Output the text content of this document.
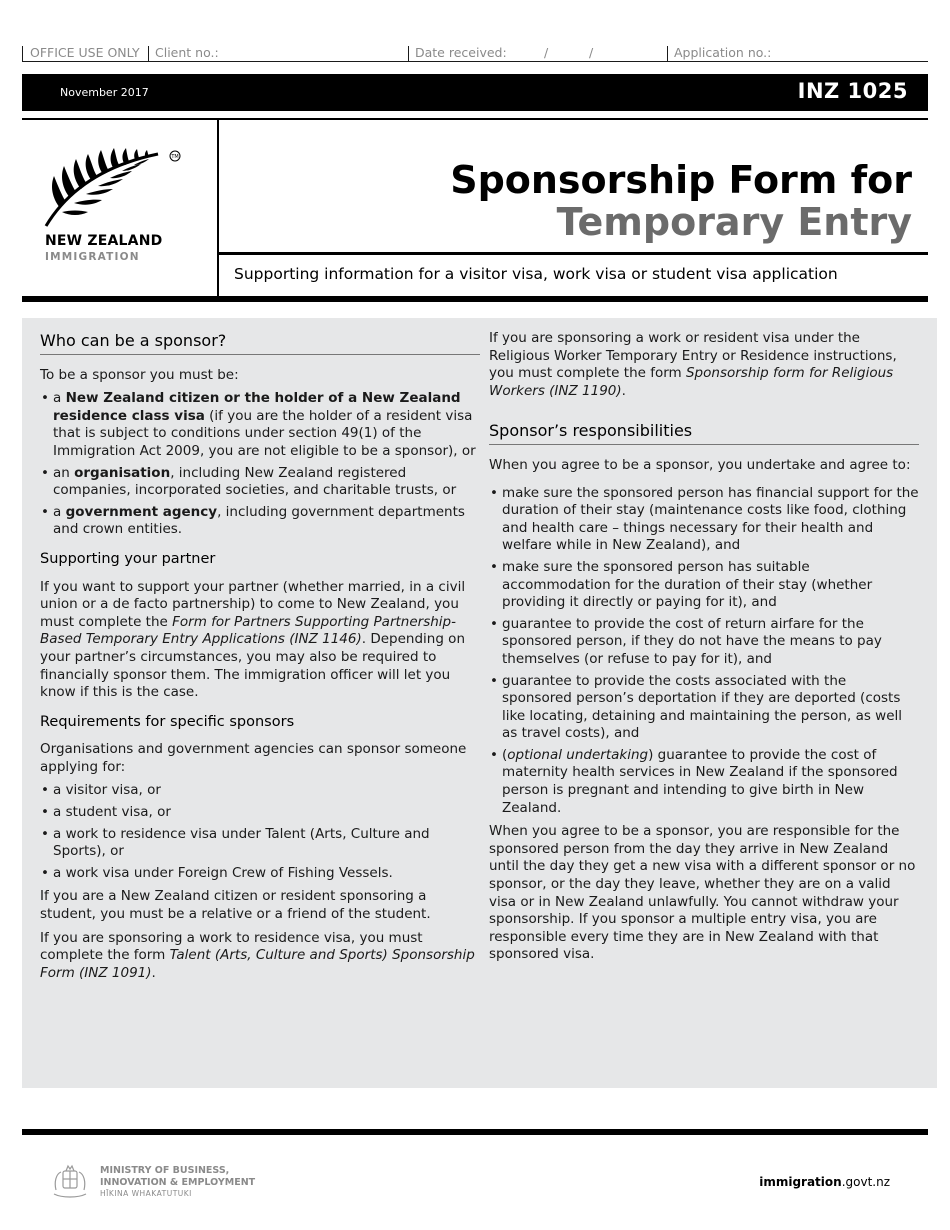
OFFICE USE ONLY Client no.:	Date received:	/	/	Application no.:
November 2017	INZ 1025
TM
NEW ZEALAND
IMMIGRATION
Sponsorship Form for
Temporary Entry
Supporting information for a visitor visa, work visa or student visa application
Who can be a sponsor?

To be a sponsor you must be:

• a New Zealand citizen or the holder of a New Zealand residence class visa (if you are the holder of a resident visa that is subject to conditions under section 49(1) of the Immigration Act 2009, you are not eligible to be a sponsor), or
• an organisation, including New Zealand registered companies, incorporated societies, and charitable trusts, or
• a government agency, including government departments and crown entities.
Supporting your partner

If you want to support your partner (whether married, in a civil union or a de facto partnership) to come to New Zealand, you must complete the Form for Partners Supporting Partnership-Based Temporary Entry Applications (INZ 1146). Depending on your partner’s circumstances, you may also be required to financially sponsor them. The immigration officer will let you know if this is the case.

Requirements for specific sponsors

Organisations and government agencies can sponsor someone applying for:

• a visitor visa, or
• a student visa, or
• a work to residence visa under Talent (Arts, Culture and Sports), or
• a work visa under Foreign Crew of Fishing Vessels.

If you are a New Zealand citizen or resident sponsoring a student, you must be a relative or a friend of the student.

If you are sponsoring a work to residence visa, you must complete the form Talent (Arts, Culture and Sports) Sponsorship Form (INZ 1091).

If you are sponsoring a work or resident visa under the Religious Worker Temporary Entry or Residence instructions, you must complete the form Sponsorship form for Religious Workers (INZ 1190).

Sponsor’s responsibilities

When you agree to be a sponsor, you undertake and agree to:

• make sure the sponsored person has financial support for the duration of their stay (maintenance costs like food, clothing and health care – things necessary for their health and welfare while in New Zealand), and
• make sure the sponsored person has suitable accommodation for the duration of their stay (whether providing it directly or paying for it), and
• guarantee to provide the cost of return airfare for the sponsored person, if they do not have the means to pay themselves (or refuse to pay for it), and
• guarantee to provide the costs associated with the sponsored person’s deportation if they are deported (costs like locating, detaining and maintaining the person, as well as travel costs), and
• (optional undertaking) guarantee to provide the cost of maternity health services in New Zealand if the sponsored person is pregnant and intending to give birth in New Zealand.

When you agree to be a sponsor, you are responsible for the sponsored person from the day they arrive in New Zealand until the day they get a new visa with a different sponsor or no sponsor, or the day they leave, whether they are on a valid visa or in New Zealand unlawfully. You cannot withdraw your sponsorship. If you sponsor a multiple entry visa, you are responsible every time they are in New Zealand with that sponsored visa.

MINISTRY OF BUSINESS,
INNOVATION & EMPLOYMENT
HĪKINA WHAKATUTUKI
immigration.govt.nz
